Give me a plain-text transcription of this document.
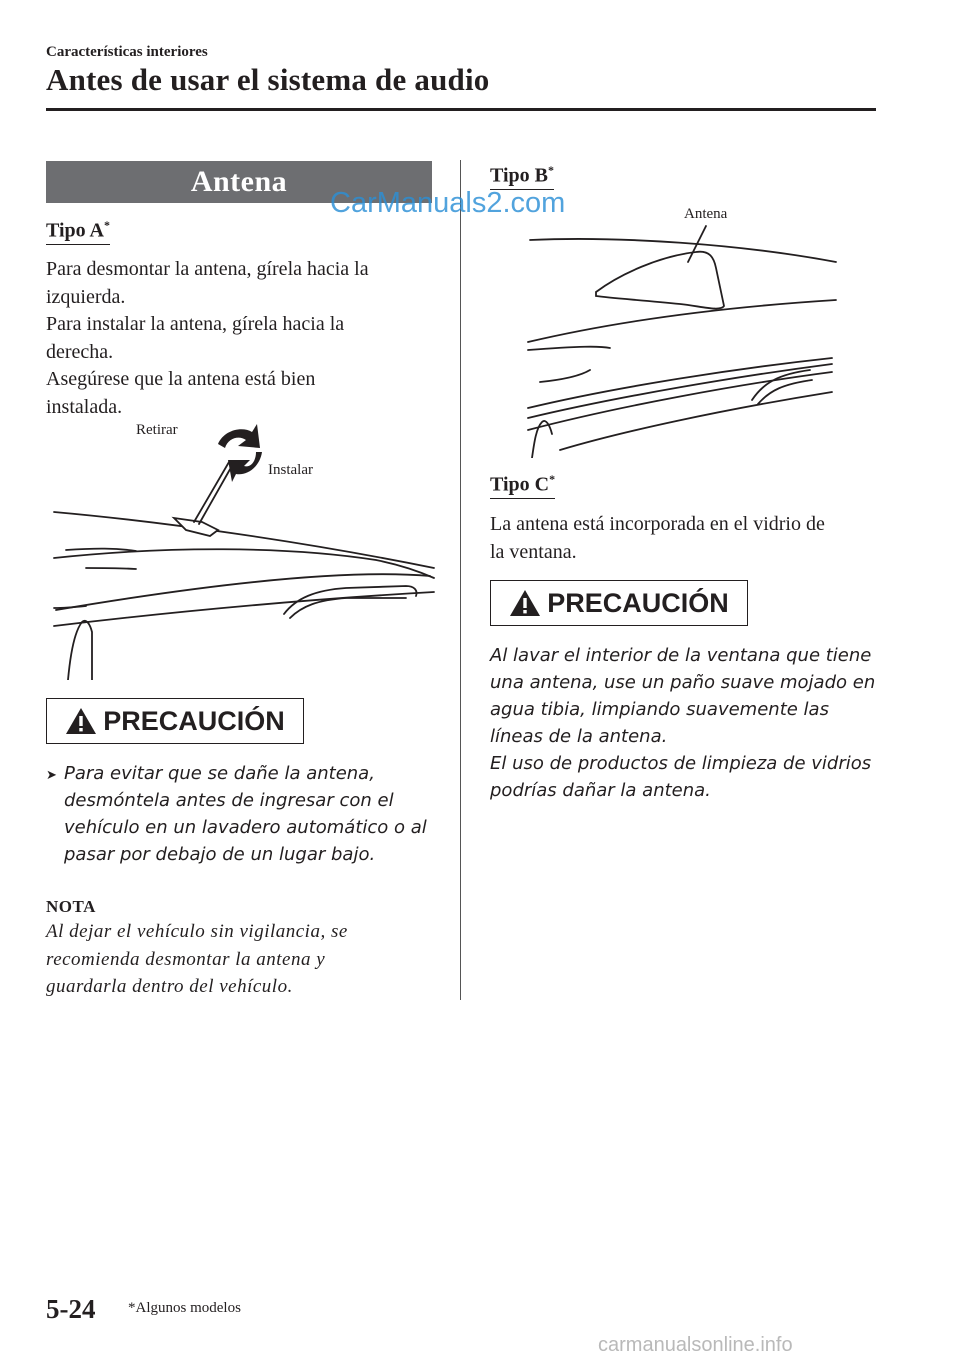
Características interiores
Antes de usar el sistema de audio
Antena
CarManuals2.com
Tipo A*
Para desmontar la antena, gírela hacia la
izquierda.
Para instalar la antena, gírela hacia la
derecha.
Asegúrese que la antena está bien
instalada.
Retirar
Instalar
PRECAUCIÓN
➤ Para evitar que se dañe la antena,
desmóntela antes de ingresar con el
vehículo en un lavadero automático o al
pasar por debajo de un lugar bajo.
NOTA
Al dejar el vehículo sin vigilancia, se
recomienda desmontar la antena y
guardarla dentro del vehículo.
Tipo B*
Antena
Tipo C*
La antena está incorporada en el vidrio de
la ventana.
PRECAUCIÓN
Al lavar el interior de la ventana que tiene
una antena, use un paño suave mojado en
agua tibia, limpiando suavemente las
líneas de la antena.
El uso de productos de limpieza de vidrios
podrías dañar la antena.
5-24 *Algunos modelos
carmanualsonline.info
